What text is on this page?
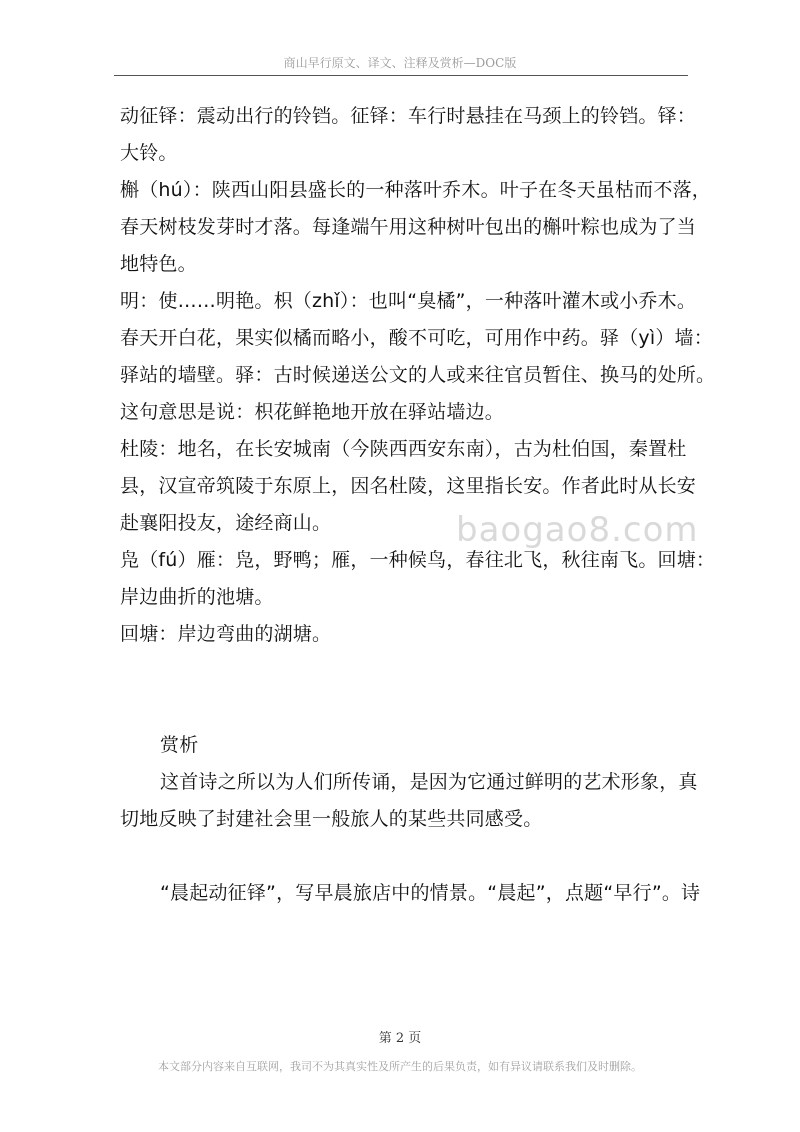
商山早行原文、译文、注释及赏析—DOC版
动征铎：震动出行的铃铛。征铎：车行时悬挂在马颈上的铃铛。铎：
大铃。
槲（hú）：陕西山阳县盛长的一种落叶乔木。叶子在冬天虽枯而不落，
春天树枝发芽时才落。每逢端午用这种树叶包出的槲叶粽也成为了当
地特色。
明：使……明艳。枳（zhǐ）：也叫“臭橘”，一种落叶灌木或小乔木。
春天开白花，果实似橘而略小，酸不可吃，可用作中药。驿（yì）墙：
驿站的墙壁。驿：古时候递送公文的人或来往官员暂住、换马的处所。
这句意思是说：枳花鲜艳地开放在驿站墙边。
杜陵：地名，在长安城南（今陕西西安东南），古为杜伯国，秦置杜
县，汉宣帝筑陵于东原上，因名杜陵，这里指长安。作者此时从长安
赴襄阳投友，途经商山。
凫（fú）雁：凫，野鸭；雁，一种候鸟，春往北飞，秋往南飞。回塘：
岸边曲折的池塘。
回塘：岸边弯曲的湖塘。
赏析
这首诗之所以为人们所传诵，是因为它通过鲜明的艺术形象，真
切地反映了封建社会里一般旅人的某些共同感受。
“晨起动征铎”，写早晨旅店中的情景。“晨起”，点题“早行”。诗
baogao8.com
第 2 页
本文部分内容来自互联网，我司不为其真实性及所产生的后果负责，如有异议请联系我们及时删除。
